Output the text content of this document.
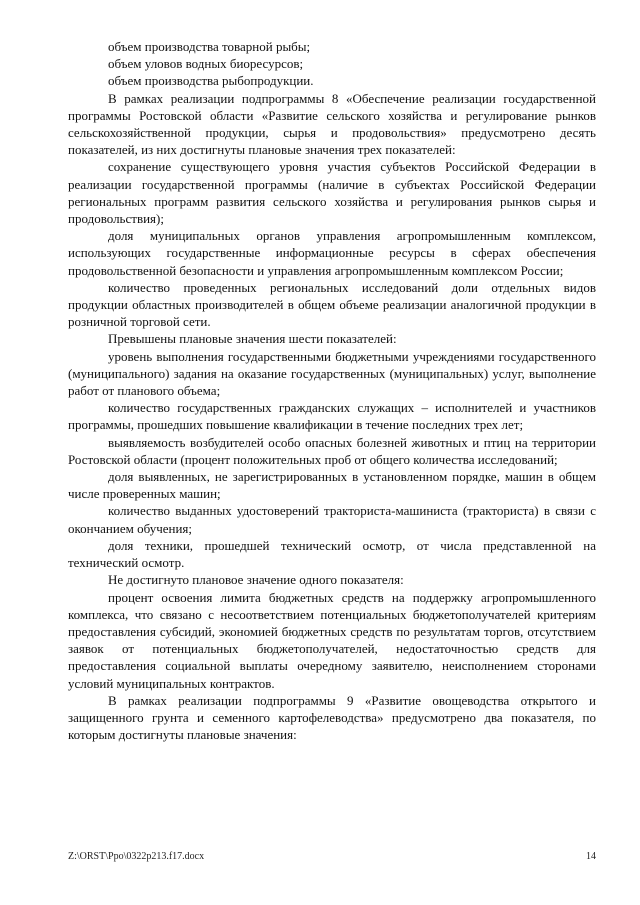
объем производства товарной рыбы;

объем уловов водных биоресурсов;

объем производства рыбопродукции.

В рамках реализации подпрограммы 8 «Обеспечение реализации государственной программы Ростовской области «Развитие сельского хозяйства и регулирование рынков сельскохозяйственной продукции, сырья и продовольствия» предусмотрено десять показателей, из них достигнуты плановые значения трех показателей:

сохранение существующего уровня участия субъектов Российской Федерации в реализации государственной программы (наличие в субъектах Российской Федерации региональных программ развития сельского хозяйства и регулирования рынков сырья и продовольствия);

доля муниципальных органов управления агропромышленным комплексом, использующих государственные информационные ресурсы в сферах обеспечения продовольственной безопасности и управления агропромышленным комплексом России;

количество проведенных региональных исследований доли отдельных видов продукции областных производителей в общем объеме реализации аналогичной продукции в розничной торговой сети.

Превышены плановые значения шести показателей:

уровень выполнения государственными бюджетными учреждениями государственного (муниципального) задания на оказание государственных (муниципальных) услуг, выполнение работ от планового объема;

количество государственных гражданских служащих – исполнителей и участников программы, прошедших повышение квалификации в течение последних трех лет;

выявляемость возбудителей особо опасных болезней животных и птиц на территории Ростовской области (процент положительных проб от общего количества исследований;

доля выявленных, не зарегистрированных в установленном порядке, машин в общем числе проверенных машин;

количество выданных удостоверений тракториста-машиниста (тракториста) в связи с окончанием обучения;

доля техники, прошедшей технический осмотр, от числа представленной на технический осмотр.

Не достигнуто плановое значение одного показателя:

процент освоения лимита бюджетных средств на поддержку агропромышленного комплекса, что связано с несоответствием потенциальных бюджетополучателей критериям предоставления субсидий, экономией бюджетных средств по результатам торгов, отсутствием заявок от потенциальных бюджетополучателей, недостаточностью средств для предоставления социальной выплаты очередному заявителю, неисполнением сторонами условий муниципальных контрактов.

В рамках реализации подпрограммы 9 «Развитие овощеводства открытого и защищенного грунта и семенного картофелеводства» предусмотрено два показателя, по которым достигнуты плановые значения:

Z:\ORST\Ppo\0322p213.f17.docx	14
